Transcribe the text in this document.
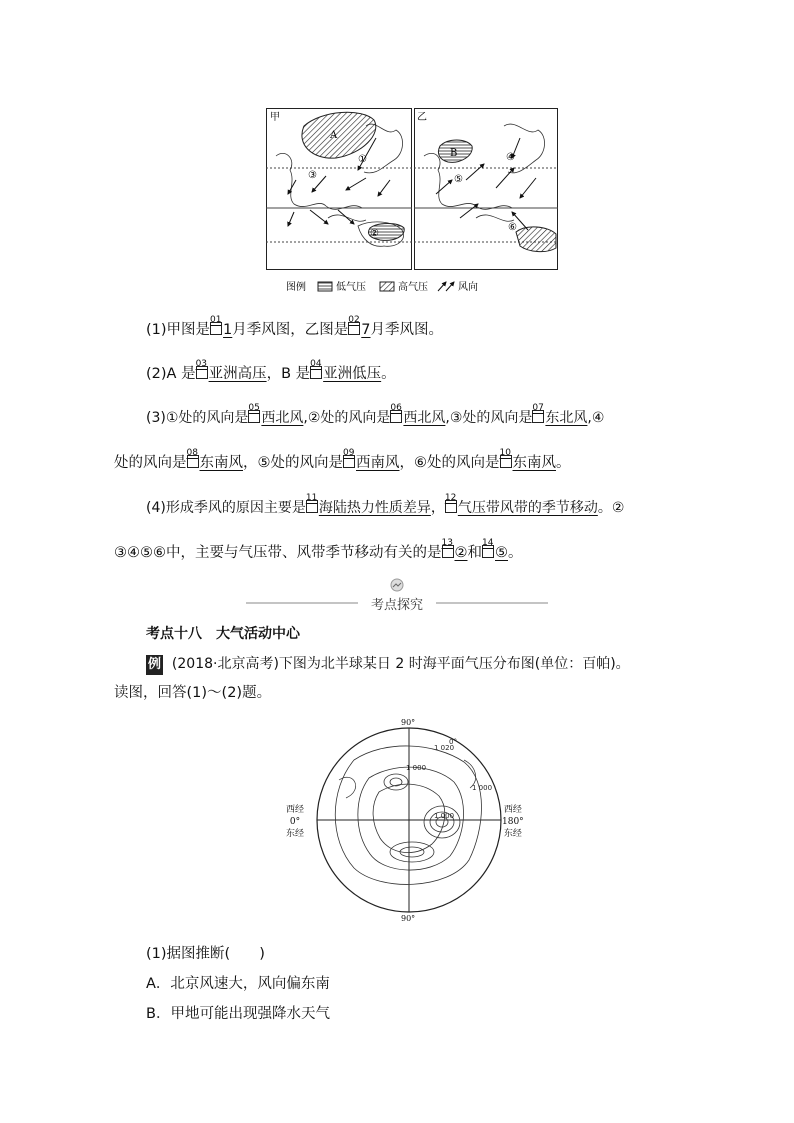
甲	乙
A
B
①
②
③
④
⑤
⑥
图例	低气压	高气压	风向
(1)甲图是
01
1月季风图，乙图是
02
7月季风图。
(2)A 是
03
亚洲高压，B 是
04
亚洲低压。
(3)①处的风向是
05
西北风,②处的风向是
06
西北风,③处的风向是
07
东北风,④
处的风向是
08
东南风，⑤处的风向是
09
西南风，⑥处的风向是
10
东南风。
(4)形成季风的原因主要是
11
海陆热力性质差异，
12
气压带风带的季节移动。②
③④⑤⑥中，主要与气压带、风带季节移动有关的是
13
②和
14
⑤。
考点探究
考点十八　大气活动中心
例 (2018·北京高考)下图为北半球某日 2 时海平面气压分布图(单位：百帕)。
读图，回答(1)～(2)题。
1 020
1 000
0°
1 000
1 000
90°
90°
西经
0°
东经
西经
180°
东经
(1)据图推断(　　)
A．北京风速大，风向偏东南
B．甲地可能出现强降水天气
